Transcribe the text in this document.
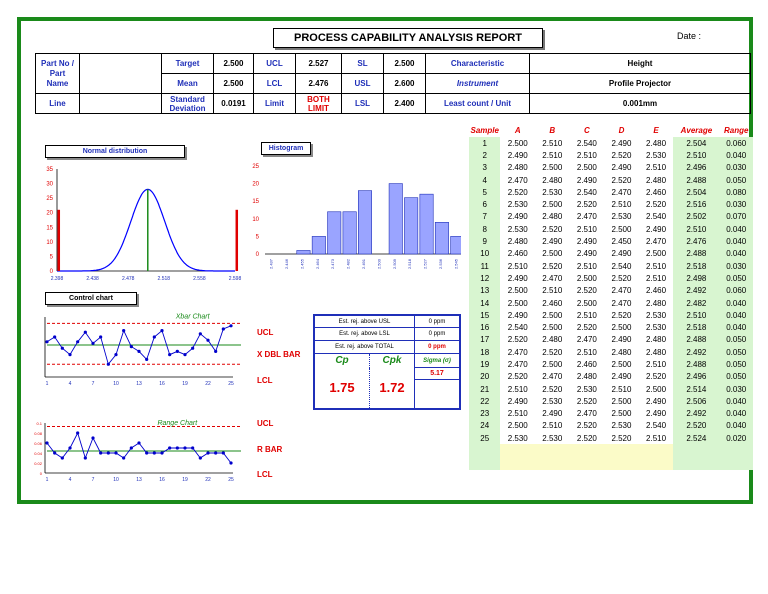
PROCESS CAPABILITY ANALYSIS REPORT	Date :
Part No / Part Name		Target	2.500	UCL	2.527	SL	2.500	Characteristic	Height
		Mean	2.500	LCL	2.476	USL	2.600	Instrument	Profile Projector
Line		Standard Deviation	0.0191	Limit	BOTH LIMIT	LSL	2.400	Least count / Unit	0.001mm
Normal distribution	Histogram
Control chart
0
5
10
15
20
25
30
35
2.398	2.438	2.478	2.518	2.558	2.598
0
5
10
15
20
25
2.437	2.446	2.455	2.464	2.473	2.482	2.491	2.500	2.509	2.518	2.527	2.536	2.545
1	4	7	10	13	16	19	22	25
Xbar Chart
0
0.02
0.04
0.06
0.08
0.1
1	4	7	10	13	16	19	22	25
Range Chart
UCL
X DBL BAR
LCL
UCL
R BAR
LCL
Est. rej. above USL	0 ppm
Est. rej. above LSL	0 ppm
Est. rej. above TOTAL	0 ppm
Cp	Cpk	Sigma (σ)
5.17
1.75	1.72
Sample	A	B	C	D	E	Average	Range
1	2.500	2.510	2.540	2.490	2.480	2.504	0.060
2	2.490	2.510	2.510	2.520	2.530	2.510	0.040
3	2.480	2.500	2.500	2.490	2.510	2.496	0.030
4	2.470	2.480	2.490	2.520	2.480	2.488	0.050
5	2.520	2.530	2.540	2.470	2.460	2.504	0.080
6	2.530	2.500	2.520	2.510	2.520	2.516	0.030
7	2.490	2.480	2.470	2.530	2.540	2.502	0.070
8	2.530	2.520	2.510	2.500	2.490	2.510	0.040
9	2.480	2.490	2.490	2.450	2.470	2.476	0.040
10	2.460	2.500	2.490	2.490	2.500	2.488	0.040
11	2.510	2.520	2.510	2.540	2.510	2.518	0.030
12	2.490	2.470	2.500	2.520	2.510	2.498	0.050
13	2.500	2.510	2.520	2.470	2.460	2.492	0.060
14	2.500	2.460	2.500	2.470	2.480	2.482	0.040
15	2.490	2.500	2.510	2.520	2.530	2.510	0.040
16	2.540	2.500	2.520	2.500	2.530	2.518	0.040
17	2.520	2.480	2.470	2.490	2.480	2.488	0.050
18	2.470	2.520	2.510	2.480	2.480	2.492	0.050
19	2.470	2.500	2.460	2.500	2.510	2.488	0.050
20	2.520	2.470	2.480	2.490	2.520	2.496	0.050
21	2.510	2.520	2.530	2.510	2.500	2.514	0.030
22	2.490	2.530	2.520	2.500	2.490	2.506	0.040
23	2.510	2.490	2.470	2.500	2.490	2.492	0.040
24	2.500	2.510	2.520	2.530	2.540	2.520	0.040
25	2.530	2.530	2.520	2.520	2.510	2.524	0.020
